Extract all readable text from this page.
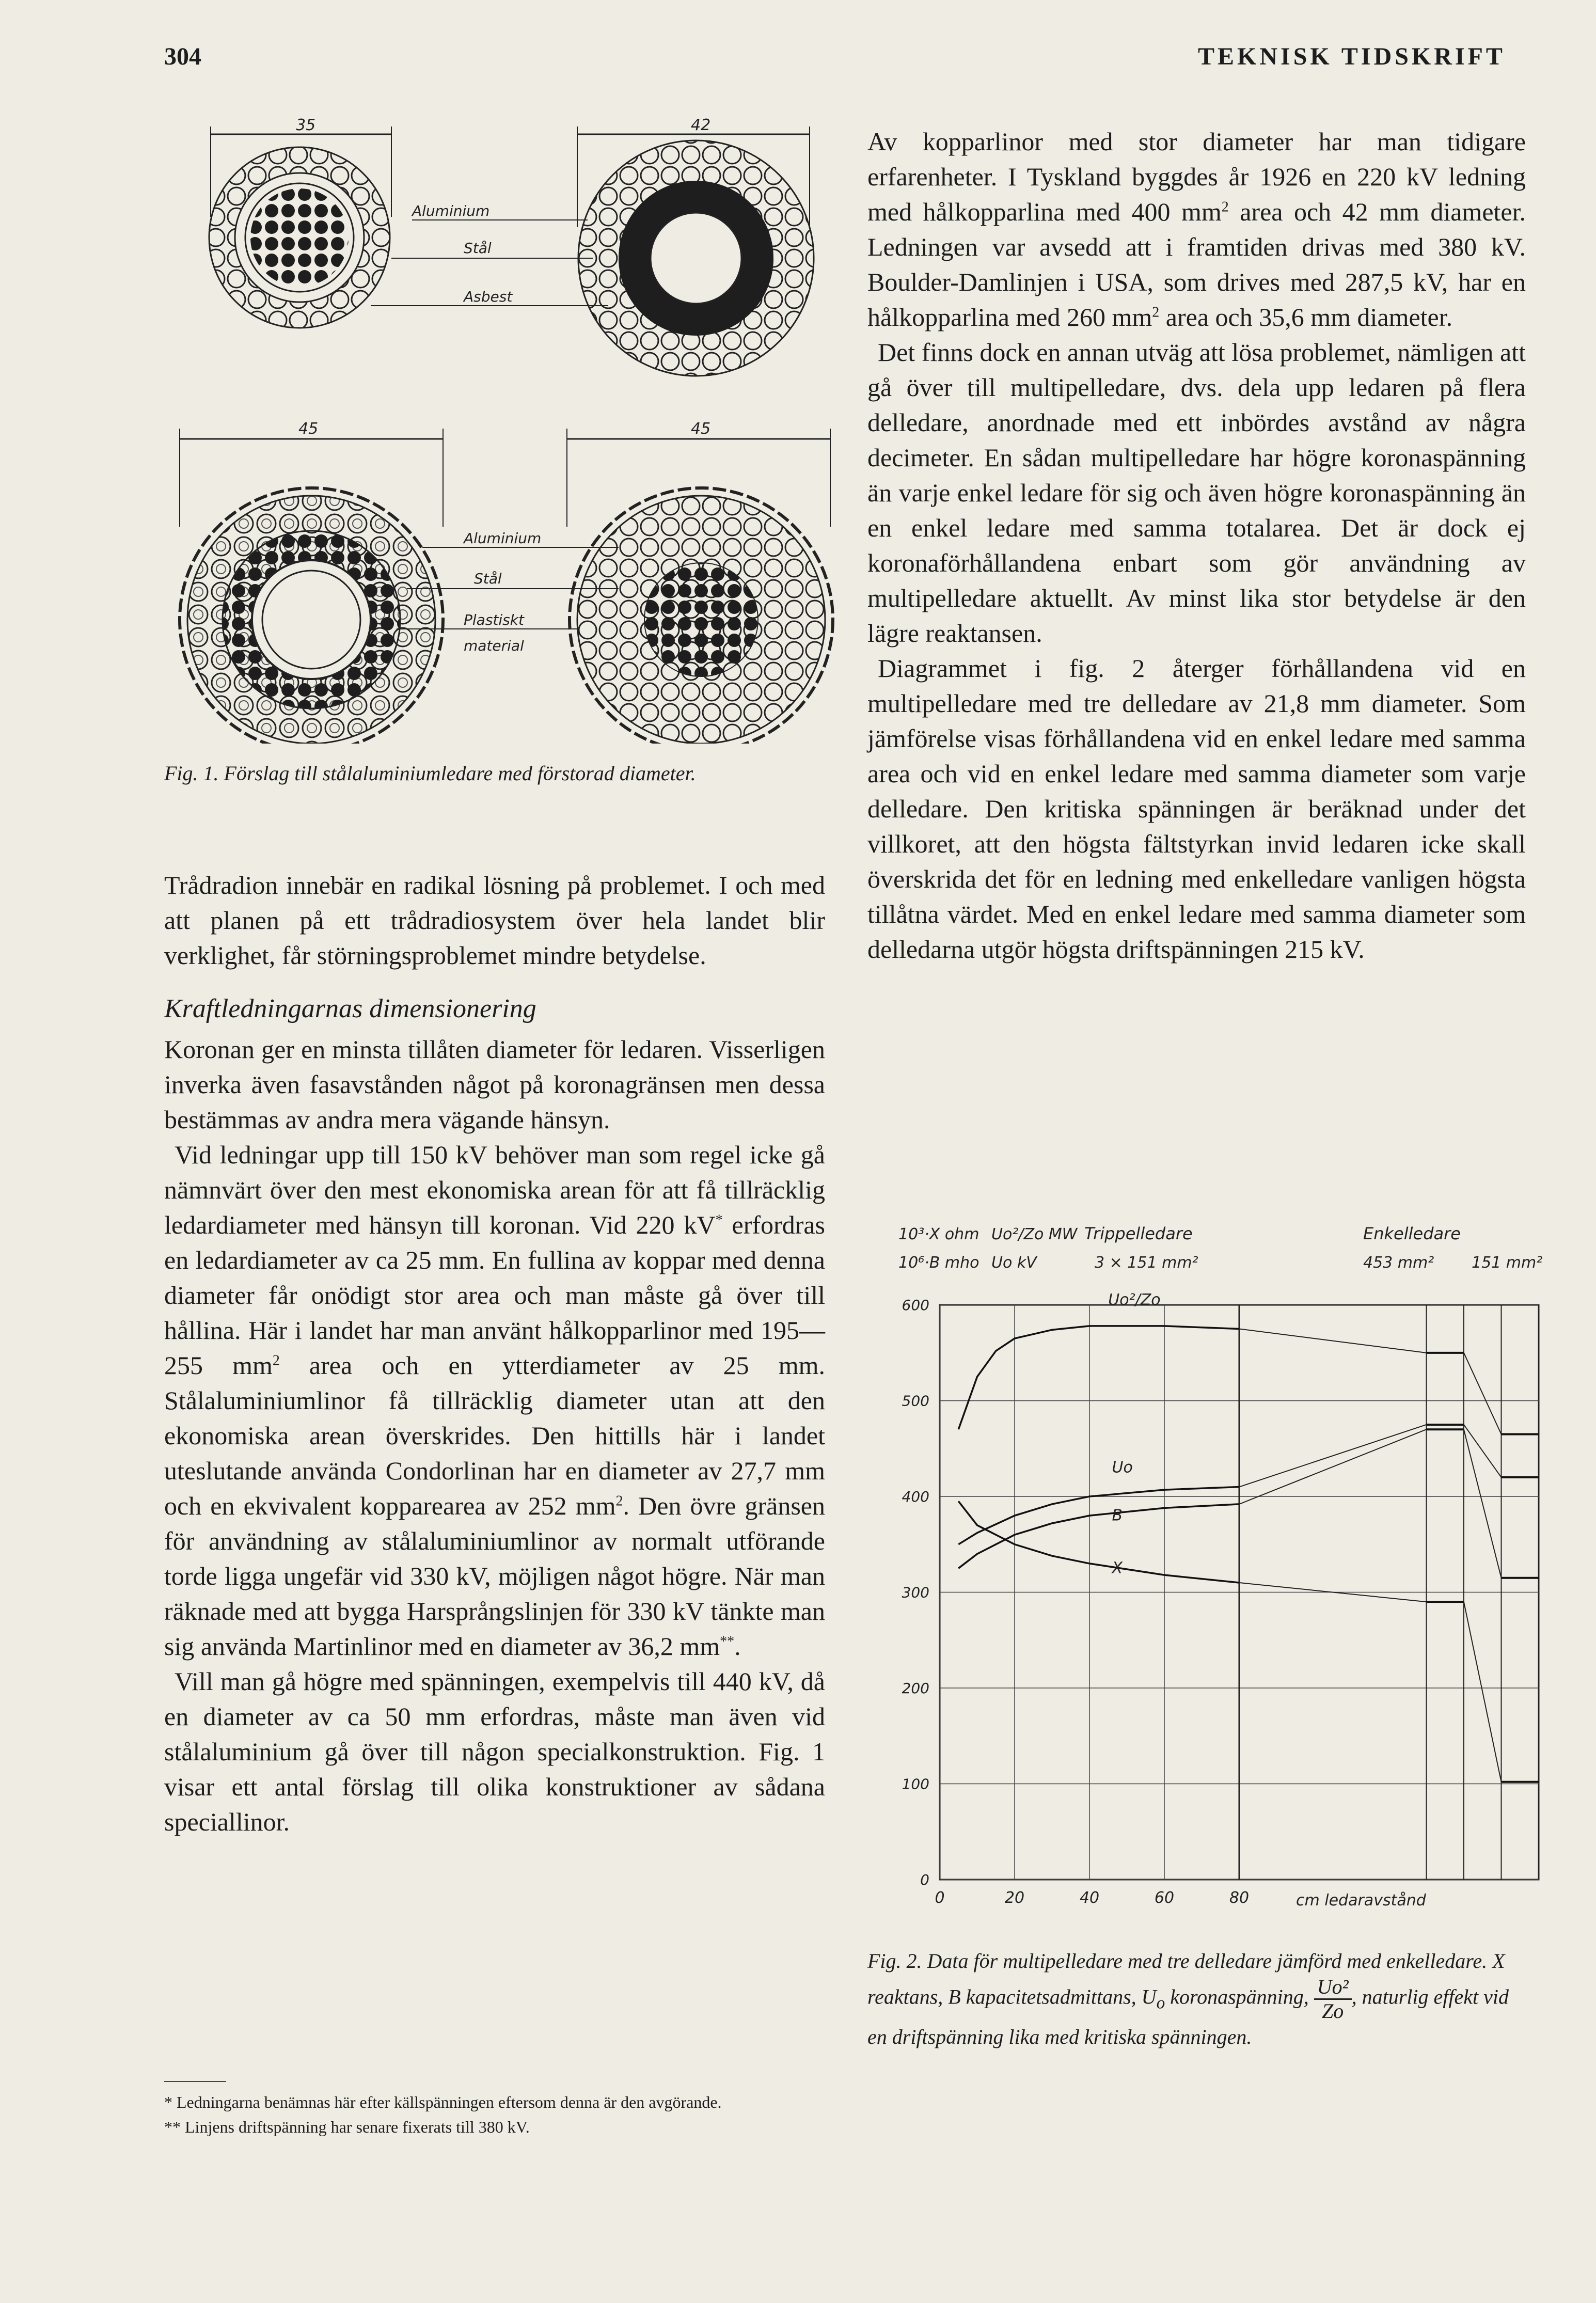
304	TEKNISK TIDSKRIFT
35	42
Aluminium
Stål
Asbest
45	45
Aluminium
Stål
Plastiskt
material
Fig. 1. Förslag till stålaluminiumledare med förstorad diameter.

Trådradion innebär en radikal lösning på problemet. I och med att planen på ett trådradiosystem över hela landet blir verklighet, får störningsproblemet mindre betydelse.

Kraftledningarnas dimensionering

Koronan ger en minsta tillåten diameter för ledaren. Visserligen inverka även fasavstånden något på koronagränsen men dessa bestämmas av andra mera vägande hänsyn.

Vid ledningar upp till 150 kV behöver man som regel icke gå nämnvärt över den mest ekonomiska arean för att få tillräcklig ledardiameter med hänsyn till koronan. Vid 220 kV* erfordras en ledardiameter av ca 25 mm. En fullina av koppar med denna diameter får onödigt stor area och man måste gå över till hållina. Här i landet har man använt hålkopparlinor med 195—255 $mm^2$ area och en ytterdiameter av 25 mm. Stålaluminiumlinor få tillräcklig diameter utan att den ekonomiska arean överskrides. Den hittills här i landet uteslutande använda Condorlinan har en diameter av 27,7 mm och en ekvivalent kopparearea av 252 $mm^2$. Den övre gränsen för användning av stålaluminiumlinor av normalt utförande torde ligga ungefär vid 330 kV, möjligen något högre. När man räknade med att bygga Harsprångslinjen för 330 kV tänkte man sig använda Martinlinor med en diameter av 36,2 mm**.

Vill man gå högre med spänningen, exempelvis till 440 kV, då en diameter av ca 50 mm erfordras, måste man även vid stålaluminium gå över till någon specialkonstruktion. Fig. 1 visar ett antal förslag till olika konstruktioner av sådana speciallinor.

* Ledningarna benämnas här efter källspänningen eftersom denna är den avgörande.
** Linjens driftspänning har senare fixerats till 380 kV.

Av kopparlinor med stor diameter har man tidigare erfarenheter. I Tyskland byggdes år 1926 en 220 kV ledning med hålkopparlina med 400 $mm^2$ area och 42 mm diameter. Ledningen var avsedd att i framtiden drivas med 380 kV. Boulder-Damlinjen i USA, som drives med 287,5 kV, har en hålkopparlina med 260 $mm^2$ area och 35,6 mm diameter.

Det finns dock en annan utväg att lösa problemet, nämligen att gå över till multipelledare, dvs. dela upp ledaren på flera delledare, anordnade med ett inbördes avstånd av några decimeter. En sådan multipelledare har högre koronaspänning än varje enkel ledare för sig och även högre koronaspänning än en enkel ledare med samma totalarea. Det är dock ej koronaförhållandena enbart som gör användning av multipelledare aktuellt. Av minst lika stor betydelse är den lägre reaktansen.

Diagrammet i fig. 2 återger förhållandena vid en multipelledare med tre delledare av 21,8 mm diameter. Som jämförelse visas förhållandena vid en enkel ledare med samma area och vid en enkel ledare med samma diameter som varje delledare. Den kritiska spänningen är beräknad under det villkoret, att den högsta fältstyrkan invid ledaren icke skall överskrida det för en ledning med enkelledare vanligen högsta tillåtna värdet. Med en enkel ledare med samma diameter som delledarna utgör högsta driftspänningen 215 kV.

10³·X ohm
10⁶·B mho
Uo²/Zo MW
Uo kV
Trippelledare
3 × 151 mm²
Enkelledare
453 mm² 151 mm²
0
100
200
300
400
500
600
0	20	40	60	80
Uo²/Zo
Uo
B
X
cm ledaravstånd
Fig. 2. Data för multipelledare med tre delledare jämförd med enkelledare. X reaktans, B kapacitetsadmittans, $U_o$ koronaspänning, $\frac{\text{Uo²}}{Zo}$ , naturlig effekt vid en driftspänning lika med kritiska spänningen.
